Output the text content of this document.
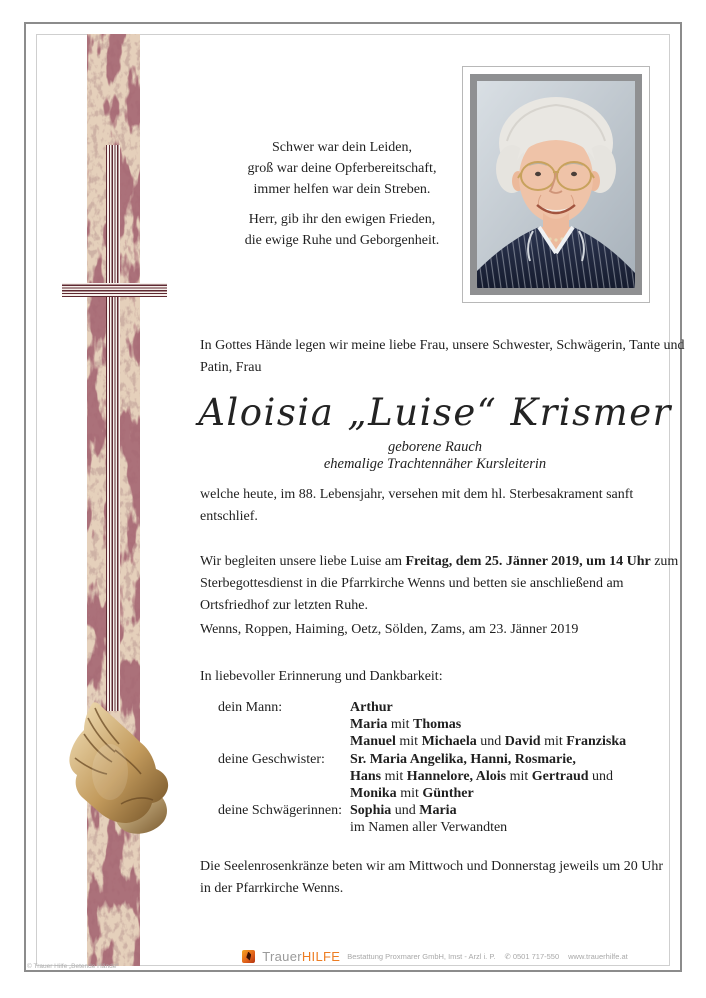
Schwer war dein Leiden,
groß war deine Opferbereitschaft,
immer helfen war dein Streben.
Herr, gib ihr den ewigen Frieden,
die ewige Ruhe und Geborgenheit.
In Gottes Hände legen wir meine liebe Frau, unsere Schwester, Schwägerin, Tante und Patin, Frau
Aloisia „Luise“ Krismer
geborene Rauch
ehemalige Trachtennäher Kursleiterin
welche heute, im 88. Lebensjahr, versehen mit dem hl. Sterbesakrament sanft entschlief.
Wir begleiten unsere liebe Luise am Freitag, dem 25. Jänner 2019, um 14 Uhr zum Sterbegottesdienst in die Pfarrkirche Wenns und betten sie anschließend am Ortsfriedhof zur letzten Ruhe.
Wenns, Roppen, Haiming, Oetz, Sölden, Zams, am 23. Jänner 2019
In liebevoller Erinnerung und Dankbarkeit:
dein Mann:	Arthur
Maria mit Thomas
Manuel mit Michaela und David mit Franziska
deine Geschwister:	Sr. Maria Angelika, Hanni, Rosmarie,
Hans mit Hannelore, Alois mit Gertraud und
Monika mit Günther
deine Schwägerinnen: Sophia und Maria
im Namen aller Verwandten
Die Seelenrosenkränze beten wir am Mittwoch und Donnerstag jeweils um 20 Uhr in der Pfarrkirche Wenns.
TrauerHILFE Bestattung Proxmarer GmbH, Imst - Arzl i. P. ✆ 0501 717-550 www.trauerhilfe.at
© Trauer Hilfe „Betende Hände“
